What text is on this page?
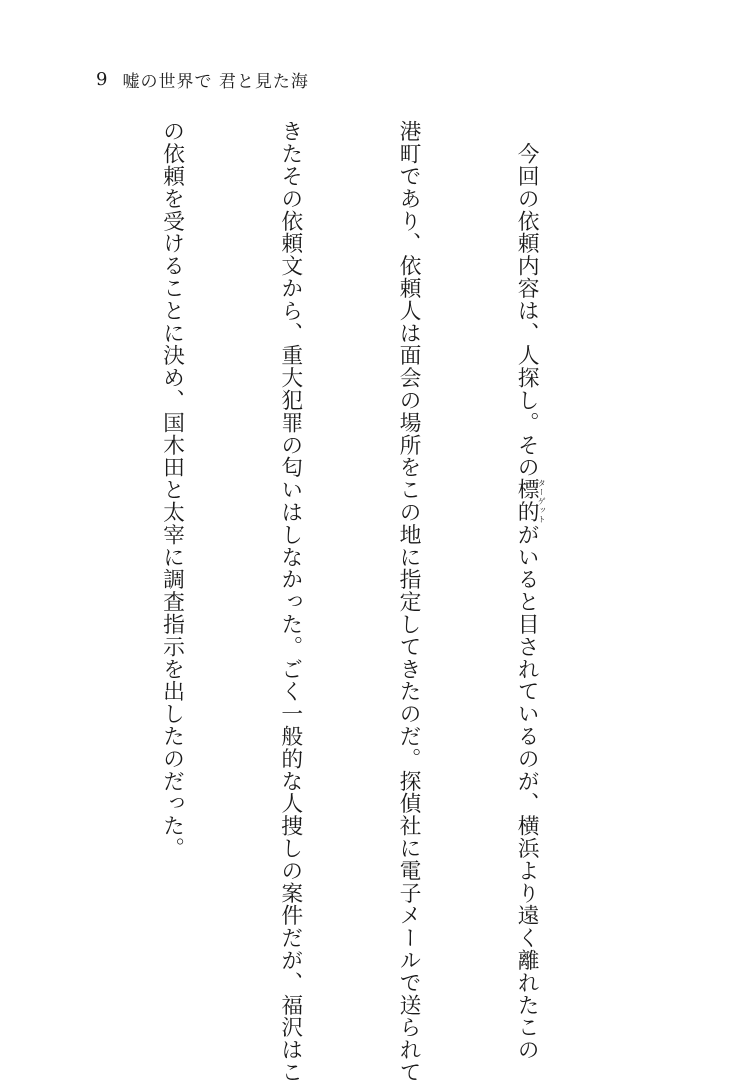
9 嘘の世界で 君と見た海

　今回の依頼内容は、人探し。その標的ターゲットがいると目されているのが、横浜より遠く離れたこの

港町であり、依頼人は面会の場所をこの地に指定してきたのだ。探偵社に電子メールで送られて

きたその依頼文から、重大犯罪の匂いはしなかった。ごく一般的な人捜しの案件だが、福沢はこ

の依頼を受けることに決め、国木田と太宰に調査指示を出したのだった。
